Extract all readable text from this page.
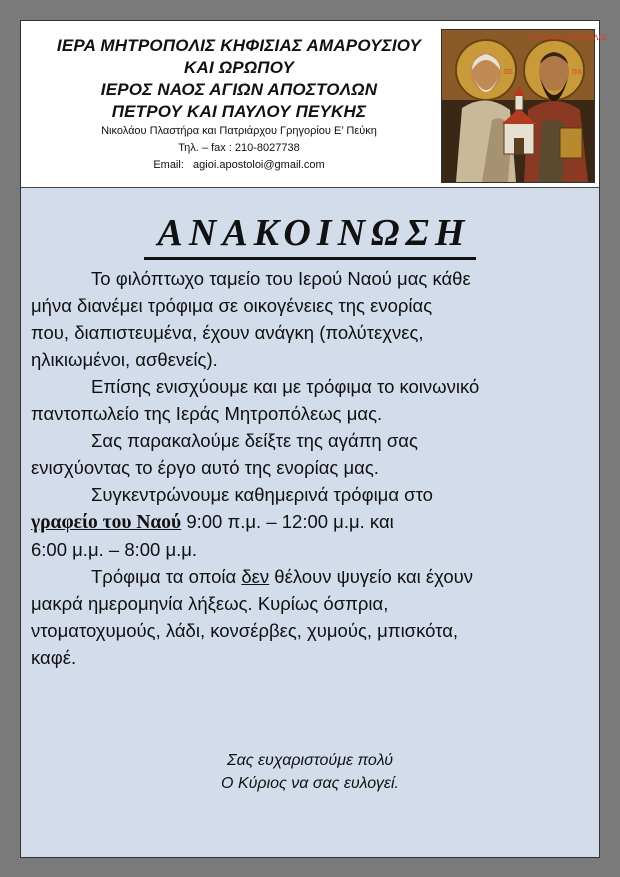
ΙΕΡΑ ΜΗΤΡΟΠΟΛΙΣ ΚΗΦΙΣΙΑΣ ΑΜΑΡΟΥΣΙΟΥ
ΚΑΙ ΩΡΩΠΟΥ
ΙΕΡΟΣ ΝΑΟΣ ΑΓΙΩΝ ΑΠΟΣΤΟΛΩΝ
ΠΕΤΡΟΥ ΚΑΙ ΠΑΥΛΟΥ ΠΕΥΚΗΣ
Νικολάου Πλαστήρα και Πατριάρχου Γρηγορίου Ε’ Πεύκη
Τηλ. – fax : 210-8027738
Email: agioi.apostoloi@gmail.com
ΟΙ ΑΓΙΟΙ ΑΠΟΣΤΟΛΟΙ
ΠΕ	ΠΑ
ΑΝΑΚΟΙΝΩΣΗ

Το φιλόπτωχο ταμείο του Ιερού Ναού μας κάθε
μήνα διανέμει τρόφιμα σε οικογένειες της ενορίας
που, διαπιστευμένα, έχουν ανάγκη (πολύτεχνες,
ηλικιωμένοι, ασθενείς).

Επίσης ενισχύουμε και με τρόφιμα το κοινωνικό
παντοπωλείο της Ιεράς Μητροπόλεως μας.

Σας παρακαλούμε δείξτε της αγάπη σας
ενισχύοντας το έργο αυτό της ενορίας μας.

Συγκεντρώνουμε καθημερινά τρόφιμα στο
γραφείο του Ναού 9:00 π.μ. – 12:00 μ.μ. και
6:00 μ.μ. – 8:00 μ.μ.

Τρόφιμα τα οποία δεν θέλουν ψυγείο και έχουν
μακρά ημερομηνία λήξεως. Κυρίως όσπρια,
ντοματοχυμούς, λάδι, κονσέρβες, χυμούς, μπισκότα,
καφέ.

Σας ευχαριστούμε πολύ
Ο Κύριος να σας ευλογεί.
